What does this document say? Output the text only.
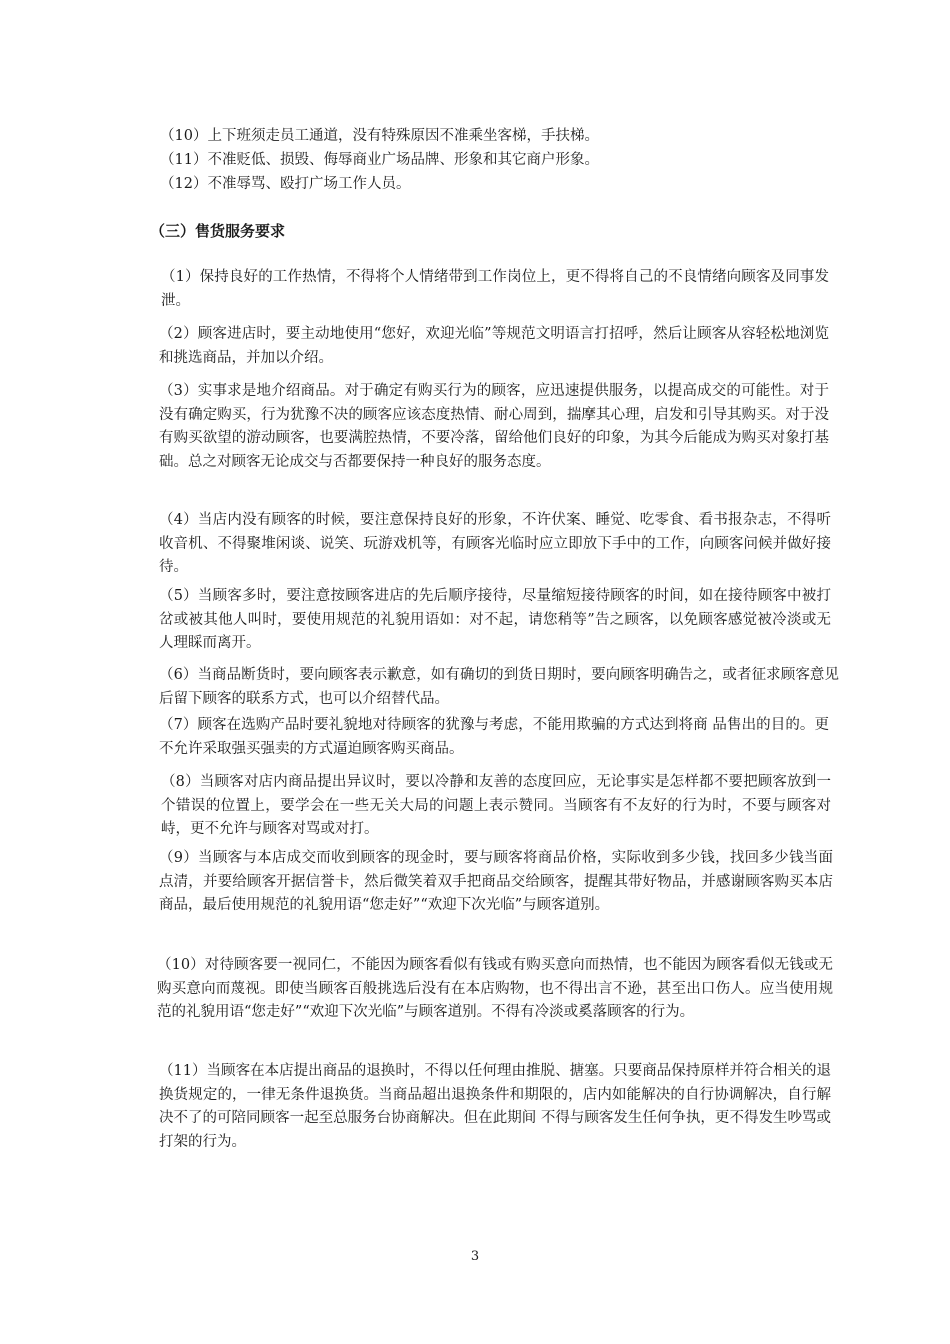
（10）上下班须走员工通道，没有特殊原因不准乘坐客梯，手扶梯。
（11）不准贬低、损毁、侮辱商业广场品牌、形象和其它商户形象。
（12）不准辱骂、殴打广场工作人员。
（三）售货服务要求
（1）保持良好的工作热情，不得将个人情绪带到工作岗位上，更不得将自己的不良情绪向顾客及同事发泄。
（2）顾客进店时，要主动地使用“您好，欢迎光临”等规范文明语言打招呼，然后让顾客从容轻松地浏览和挑选商品，并加以介绍。
（3）实事求是地介绍商品。对于确定有购买行为的顾客，应迅速提供服务，以提高成交的可能性。对于没有确定购买，行为犹豫不决的顾客应该态度热情、耐心周到，揣摩其心理，启发和引导其购买。对于没有购买欲望的游动顾客，也要满腔热情，不要冷落，留给他们良好的印象，为其今后能成为购买对象打基础。总之对顾客无论成交与否都要保持一种良好的服务态度。
（4）当店内没有顾客的时候，要注意保持良好的形象，不许伏案、睡觉、吃零食、看书报杂志，不得听收音机、不得聚堆闲谈、说笑、玩游戏机等，有顾客光临时应立即放下手中的工作，向顾客问候并做好接待。
（5）当顾客多时，要注意按顾客进店的先后顺序接待，尽量缩短接待顾客的时间，如在接待顾客中被打岔或被其他人叫时，要使用规范的礼貌用语如：对不起，请您稍等”告之顾客，以免顾客感觉被冷淡或无人理睬而离开。
（6）当商品断货时，要向顾客表示歉意，如有确切的到货日期时，要向顾客明确告之，或者征求顾客意见后留下顾客的联系方式，也可以介绍替代品。
（7）顾客在选购产品时要礼貌地对待顾客的犹豫与考虑，不能用欺骗的方式达到将商 品售出的目的。更不允许采取强买强卖的方式逼迫顾客购买商品。
（8）当顾客对店内商品提出异议时，要以冷静和友善的态度回应，无论事实是怎样都不要把顾客放到一个错误的位置上，要学会在一些无关大局的问题上表示赞同。当顾客有不友好的行为时，不要与顾客对峙，更不允许与顾客对骂或对打。
（9）当顾客与本店成交而收到顾客的现金时，要与顾客将商品价格，实际收到多少钱，找回多少钱当面点清，并要给顾客开据信誉卡，然后微笑着双手把商品交给顾客，提醒其带好物品，并感谢顾客购买本店商品，最后使用规范的礼貌用语“您走好”“欢迎下次光临”与顾客道别。
（10）对待顾客要一视同仁，不能因为顾客看似有钱或有购买意向而热情，也不能因为顾客看似无钱或无购买意向而蔑视。即使当顾客百般挑选后没有在本店购物，也不得出言不逊，甚至出口伤人。应当使用规范的礼貌用语“您走好”“欢迎下次光临”与顾客道别。不得有冷淡或奚落顾客的行为。
（11）当顾客在本店提出商品的退换时，不得以任何理由推脱、搪塞。只要商品保持原样并符合相关的退换货规定的，一律无条件退换货。当商品超出退换条件和期限的，店内如能解决的自行协调解决，自行解决不了的可陪同顾客一起至总服务台协商解决。但在此期间 不得与顾客发生任何争执，更不得发生吵骂或打架的行为。
3
